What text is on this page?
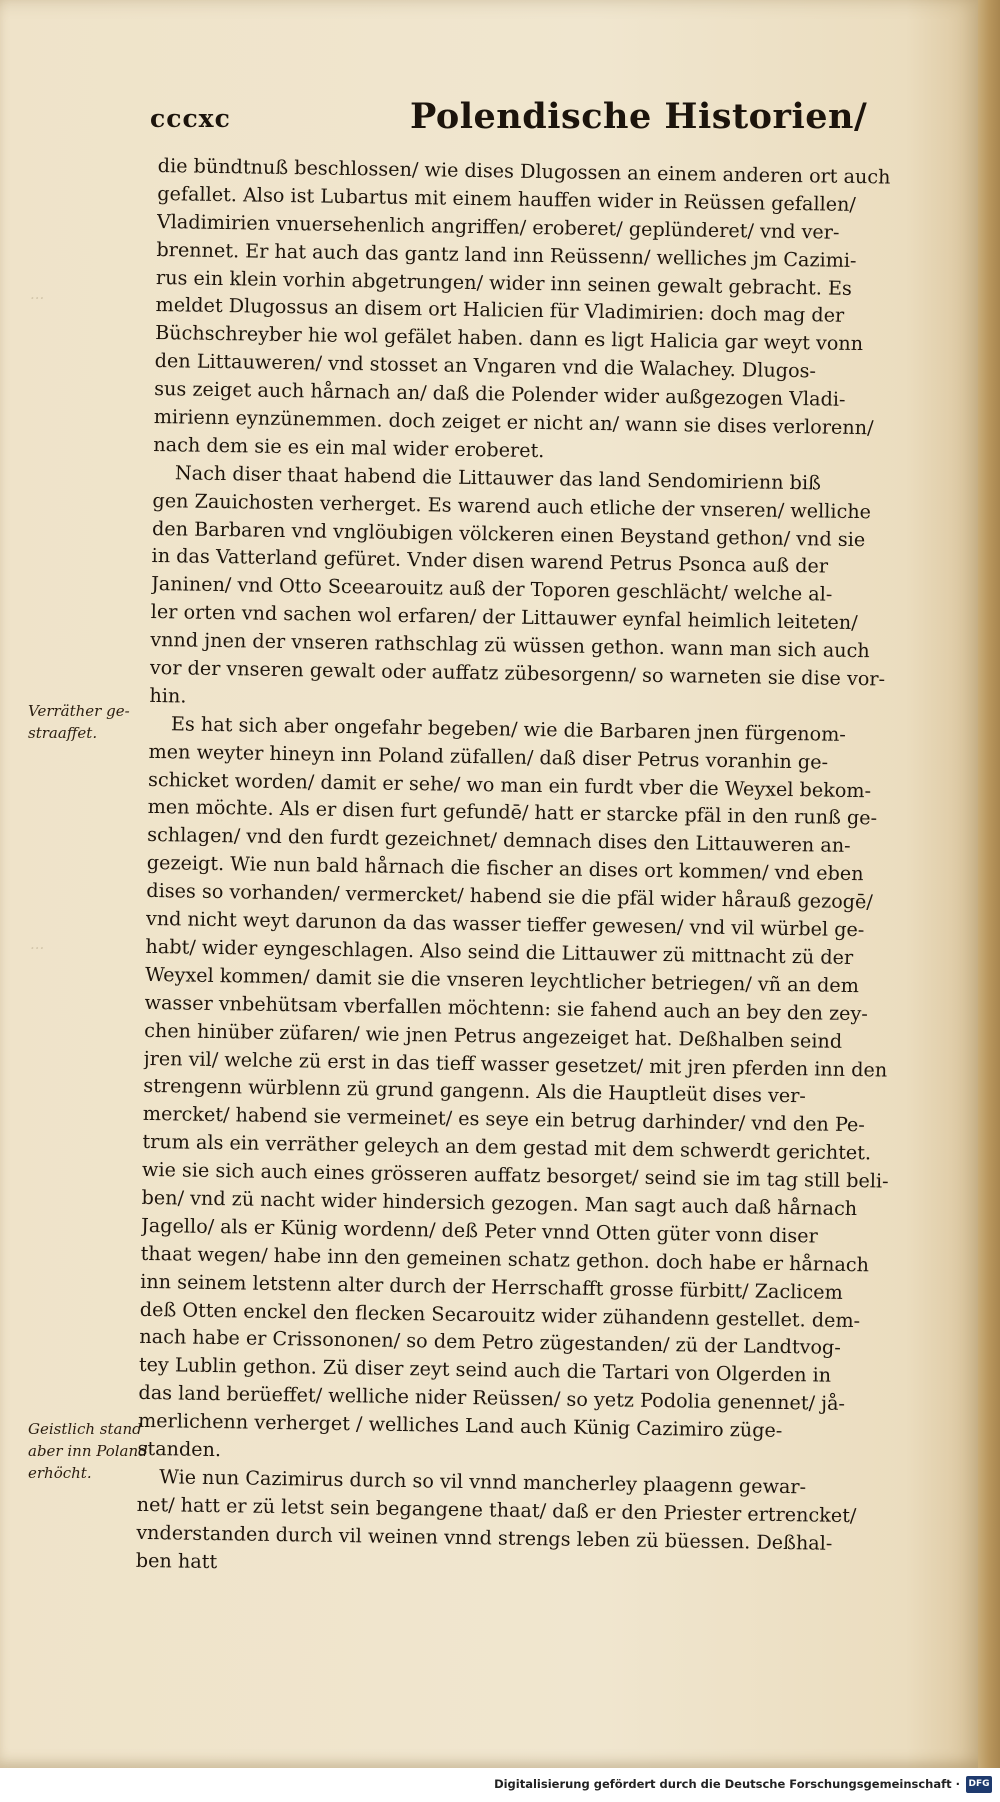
cccxc	Polendische Historien/
...
...
Verräther ge-
straaffet.
Geistlich stand
aber inn Poland
erhöcht.
die bündtnuß beschlossen/ wie dises Dlugossen an einem anderen ort auch
gefallet. Also ist Lubartus mit einem hauffen wider in Reüssen gefallen/
Vladimirien vnuersehenlich angriffen/ eroberet/ geplünderet/ vnd ver-
brennet. Er hat auch das gantz land inn Reüssenn/ welliches jm Cazimi-
rus ein klein vorhin abgetrungen/ wider inn seinen gewalt gebracht. Es
meldet Dlugossus an disem ort Halicien für Vladimirien: doch mag der
Büchschreyber hie wol gefälet haben. dann es ligt Halicia gar weyt vonn
den Littauweren/ vnd stosset an Vngaren vnd die Walachey. Dlugos-
sus zeiget auch hårnach an/ daß die Polender wider außgezogen Vladi-
mirienn eynzünemmen. doch zeiget er nicht an/ wann sie dises verlorenn/
nach dem sie es ein mal wider eroberet.
Nach diser thaat habend die Littauwer das land Sendomirienn biß
gen Zauichosten verherget. Es warend auch etliche der vnseren/ welliche
den Barbaren vnd vnglöubigen völckeren einen Beystand gethon/ vnd sie
in das Vatterland gefüret. Vnder disen warend Petrus Psonca auß der
Janinen/ vnd Otto Sceearouitz auß der Toporen geschlächt/ welche al-
ler orten vnd sachen wol erfaren/ der Littauwer eynfal heimlich leiteten/
vnnd jnen der vnseren rathschlag zü wüssen gethon. wann man sich auch
vor der vnseren gewalt oder auffatz zübesorgenn/ so warneten sie dise vor-
hin.
Es hat sich aber ongefahr begeben/ wie die Barbaren jnen fürgenom-
men weyter hineyn inn Poland züfallen/ daß diser Petrus voranhin ge-
schicket worden/ damit er sehe/ wo man ein furdt vber die Weyxel bekom-
men möchte. Als er disen furt gefundē/ hatt er starcke pfäl in den runß ge-
schlagen/ vnd den furdt gezeichnet/ demnach dises den Littauweren an-
gezeigt. Wie nun bald hårnach die fischer an dises ort kommen/ vnd eben
dises so vorhanden/ vermercket/ habend sie die pfäl wider hårauß gezogē/
vnd nicht weyt darunon da das wasser tieffer gewesen/ vnd vil würbel ge-
habt/ wider eyngeschlagen. Also seind die Littauwer zü mittnacht zü der
Weyxel kommen/ damit sie die vnseren leychtlicher betriegen/ vñ an dem
wasser vnbehütsam vberfallen möchtenn: sie fahend auch an bey den zey-
chen hinüber züfaren/ wie jnen Petrus angezeiget hat. Deßhalben seind
jren vil/ welche zü erst in das tieff wasser gesetzet/ mit jren pferden inn den
strengenn würblenn zü grund gangenn. Als die Hauptleüt dises ver-
mercket/ habend sie vermeinet/ es seye ein betrug darhinder/ vnd den Pe-
trum als ein verräther geleych an dem gestad mit dem schwerdt gerichtet.
wie sie sich auch eines grösseren auffatz besorget/ seind sie im tag still beli-
ben/ vnd zü nacht wider hindersich gezogen. Man sagt auch daß hårnach
Jagello/ als er Künig wordenn/ deß Peter vnnd Otten güter vonn diser
thaat wegen/ habe inn den gemeinen schatz gethon. doch habe er hårnach
inn seinem letstenn alter durch der Herrschafft grosse fürbitt/ Zaclicem
deß Otten enckel den flecken Secarouitz wider zühandenn gestellet. dem-
nach habe er Crissononen/ so dem Petro zügestanden/ zü der Landtvog-
tey Lublin gethon. Zü diser zeyt seind auch die Tartari von Olgerden in
das land berüeffet/ welliche nider Reüssen/ so yetz Podolia genennet/ jå-
merlichenn verherget / welliches Land auch Künig Cazimiro züge-
standen.
Wie nun Cazimirus durch so vil vnnd mancherley plaagenn gewar-
net/ hatt er zü letst sein begangene thaat/ daß er den Priester ertrencket/
vnderstanden durch vil weinen vnnd strengs leben zü büessen. Deßhal-
ben hatt
Digitalisierung gefördert durch die Deutsche Forschungsgemeinschaft · DFG
